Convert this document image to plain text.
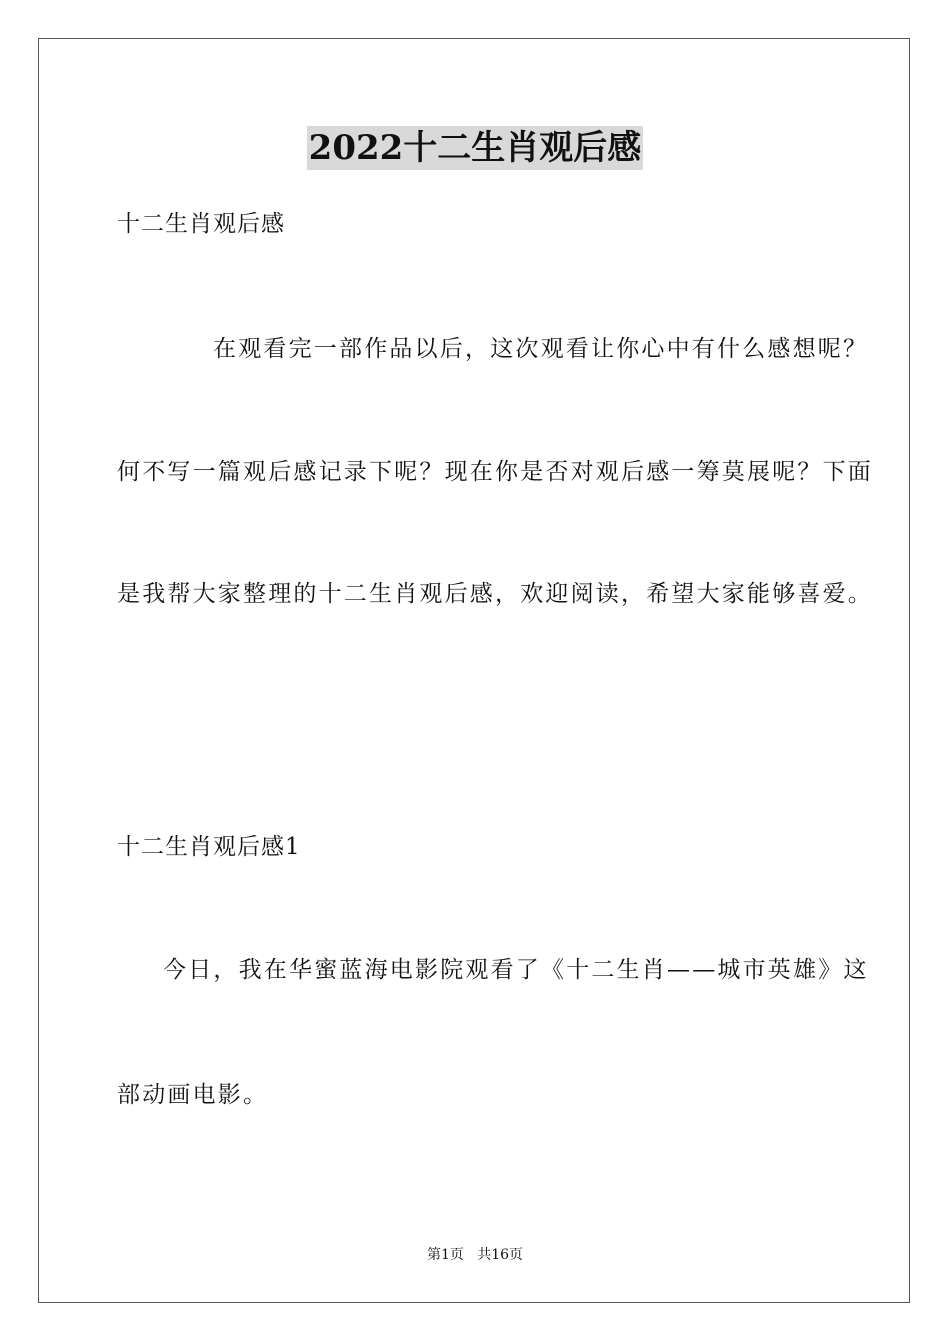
2022十二生肖观后感
十二生肖观后感
在观看完一部作品以后，这次观看让你心中有什么感想呢？
何不写一篇观后感记录下呢？现在你是否对观后感一筹莫展呢？下面
是我帮大家整理的十二生肖观后感，欢迎阅读，希望大家能够喜爱。
十二生肖观后感1
今日，我在华蜜蓝海电影院观看了《十二生肖——城市英雄》这
部动画电影。
第1页   共16页
